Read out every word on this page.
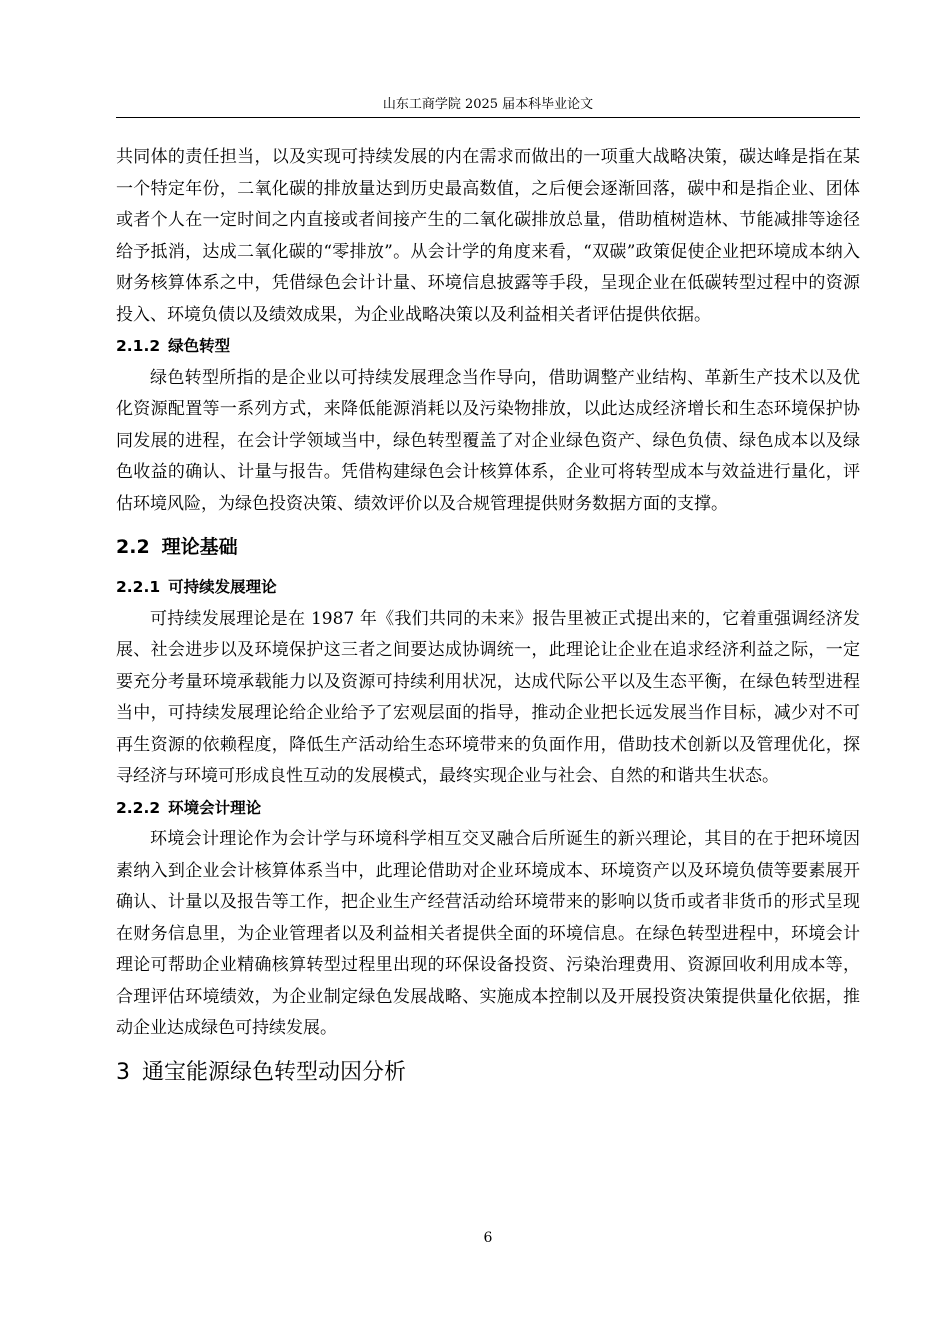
山东工商学院 2025 届本科毕业论文

共同体的责任担当，以及实现可持续发展的内在需求而做出的一项重大战略决策，碳达峰是指在某一个特定年份，二氧化碳的排放量达到历史最高数值，之后便会逐渐回落，碳中和是指企业、团体或者个人在一定时间之内直接或者间接产生的二氧化碳排放总量，借助植树造林、节能减排等途径给予抵消，达成二氧化碳的“零排放”。从会计学的角度来看，“双碳”政策促使企业把环境成本纳入财务核算体系之中，凭借绿色会计计量、环境信息披露等手段，呈现企业在低碳转型过程中的资源投入、环境负债以及绩效成果，为企业战略决策以及利益相关者评估提供依据。

2.1.2 绿色转型

绿色转型所指的是企业以可持续发展理念当作导向，借助调整产业结构、革新生产技术以及优化资源配置等一系列方式，来降低能源消耗以及污染物排放，以此达成经济增长和生态环境保护协同发展的进程，在会计学领域当中，绿色转型覆盖了对企业绿色资产、绿色负债、绿色成本以及绿色收益的确认、计量与报告。凭借构建绿色会计核算体系，企业可将转型成本与效益进行量化，评估环境风险，为绿色投资决策、绩效评价以及合规管理提供财务数据方面的支撑。

2.2 理论基础
2.2.1 可持续发展理论

可持续发展理论是在 1987 年《我们共同的未来》报告里被正式提出来的，它着重强调经济发展、社会进步以及环境保护这三者之间要达成协调统一，此理论让企业在追求经济利益之际，一定要充分考量环境承载能力以及资源可持续利用状况，达成代际公平以及生态平衡，在绿色转型进程当中，可持续发展理论给企业给予了宏观层面的指导，推动企业把长远发展当作目标，减少对不可再生资源的依赖程度，降低生产活动给生态环境带来的负面作用，借助技术创新以及管理优化，探寻经济与环境可形成良性互动的发展模式，最终实现企业与社会、自然的和谐共生状态。

2.2.2 环境会计理论

环境会计理论作为会计学与环境科学相互交叉融合后所诞生的新兴理论，其目的在于把环境因素纳入到企业会计核算体系当中，此理论借助对企业环境成本、环境资产以及环境负债等要素展开确认、计量以及报告等工作，把企业生产经营活动给环境带来的影响以货币或者非货币的形式呈现在财务信息里，为企业管理者以及利益相关者提供全面的环境信息。在绿色转型进程中，环境会计理论可帮助企业精确核算转型过程里出现的环保设备投资、污染治理费用、资源回收利用成本等，合理评估环境绩效，为企业制定绿色发展战略、实施成本控制以及开展投资决策提供量化依据，推动企业达成绿色可持续发展。

3 通宝能源绿色转型动因分析
6
